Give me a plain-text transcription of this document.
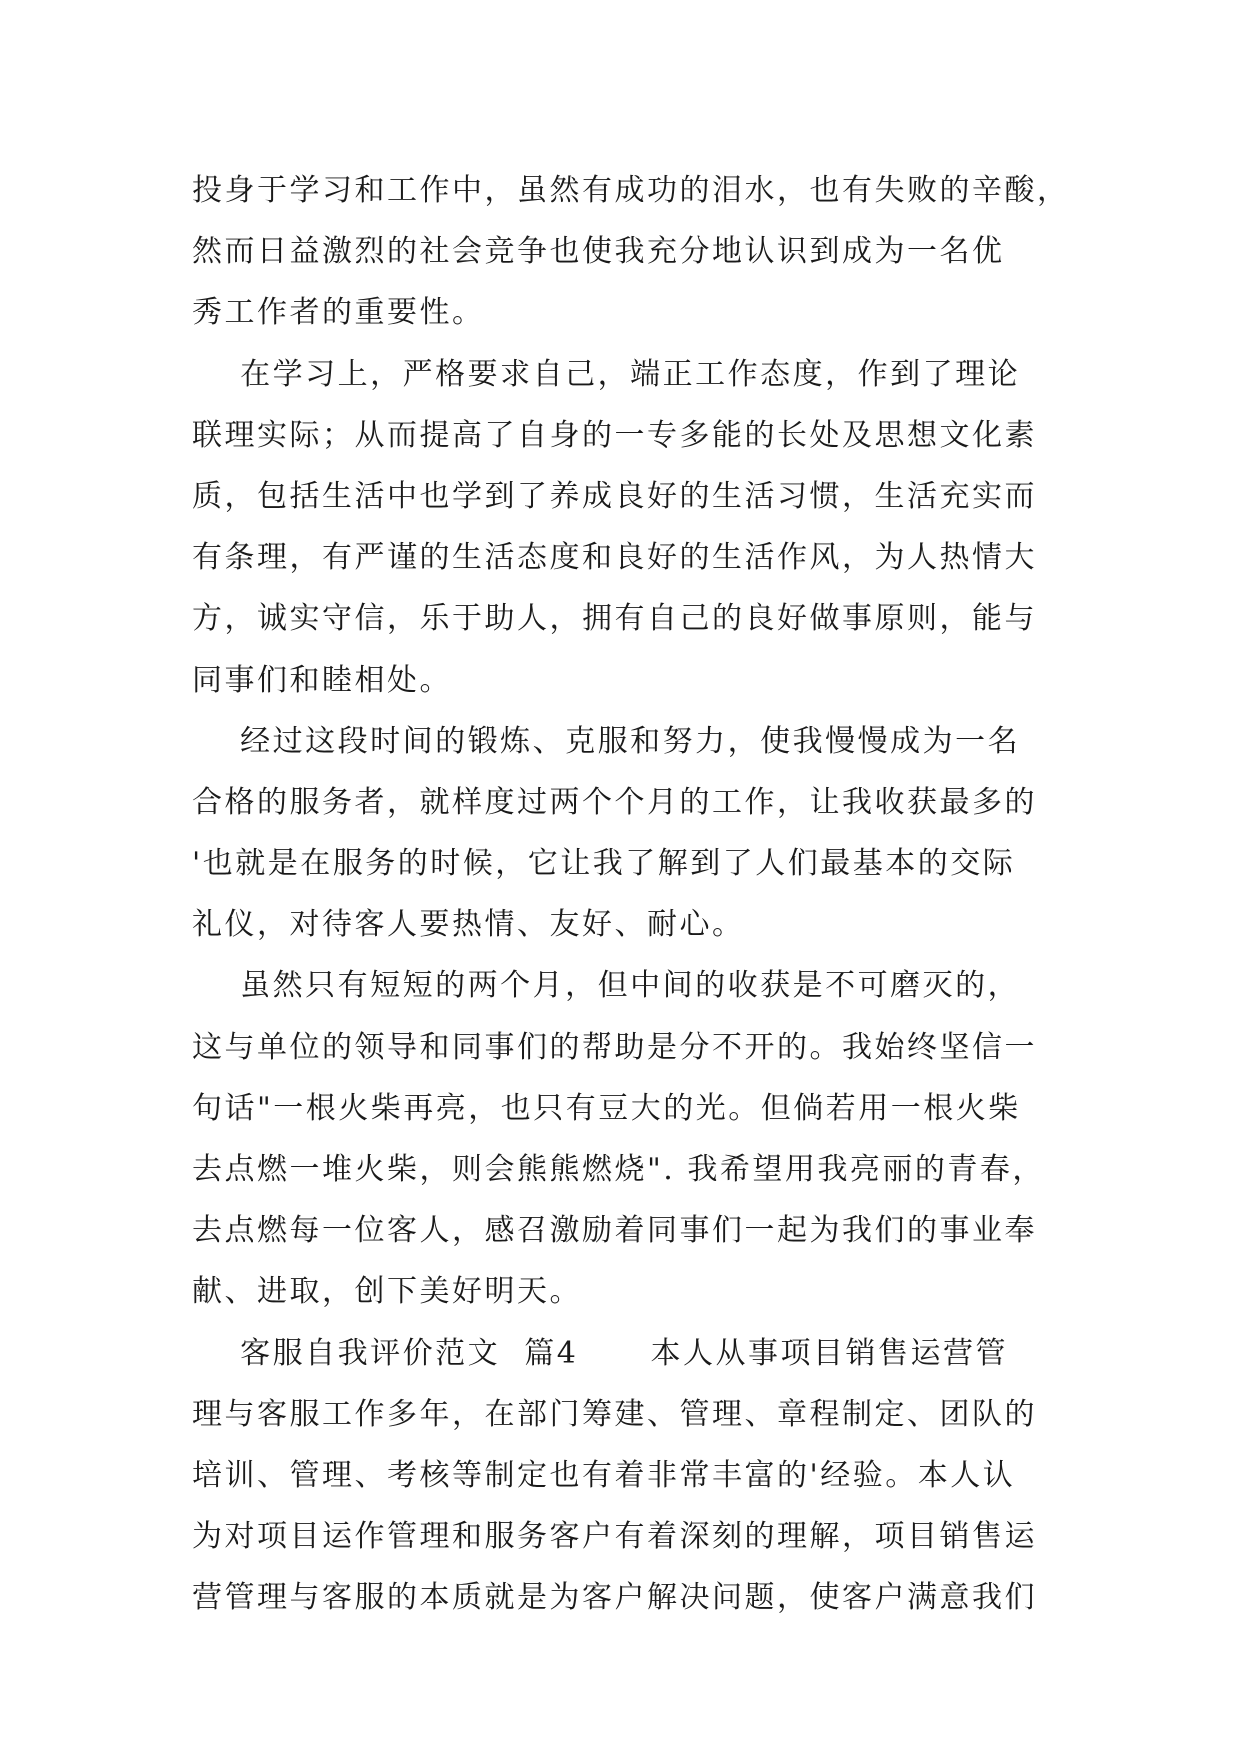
投身于学习和工作中，虽然有成功的泪水，也有失败的辛酸，
然而日益激烈的社会竞争也使我充分地认识到成为一名优
秀工作者的重要性。
在学习上，严格要求自己，端正工作态度，作到了理论
联理实际；从而提高了自身的一专多能的长处及思想文化素
质，包括生活中也学到了养成良好的生活习惯，生活充实而
有条理，有严谨的生活态度和良好的生活作风，为人热情大
方，诚实守信，乐于助人，拥有自己的良好做事原则，能与
同事们和睦相处。
经过这段时间的锻炼、克服和努力，使我慢慢成为一名
合格的服务者，就样度过两个个月的工作，让我收获最多的
'也就是在服务的时候，它让我了解到了人们最基本的交际
礼仪，对待客人要热情、友好、耐心。
虽然只有短短的两个月，但中间的收获是不可磨灭的，
这与单位的领导和同事们的帮助是分不开的。我始终坚信一
句话"一根火柴再亮，也只有豆大的光。但倘若用一根火柴
去点燃一堆火柴，则会熊熊燃烧". 我希望用我亮丽的青春，
去点燃每一位客人，感召激励着同事们一起为我们的事业奉
献、进取，创下美好明天。
客服自我评价范文  篇4      本人从事项目销售运营管
理与客服工作多年，在部门筹建、管理、章程制定、团队的
培训、管理、考核等制定也有着非常丰富的'经验。本人认
为对项目运作管理和服务客户有着深刻的理解，项目销售运
营管理与客服的本质就是为客户解决问题，使客户满意我们
